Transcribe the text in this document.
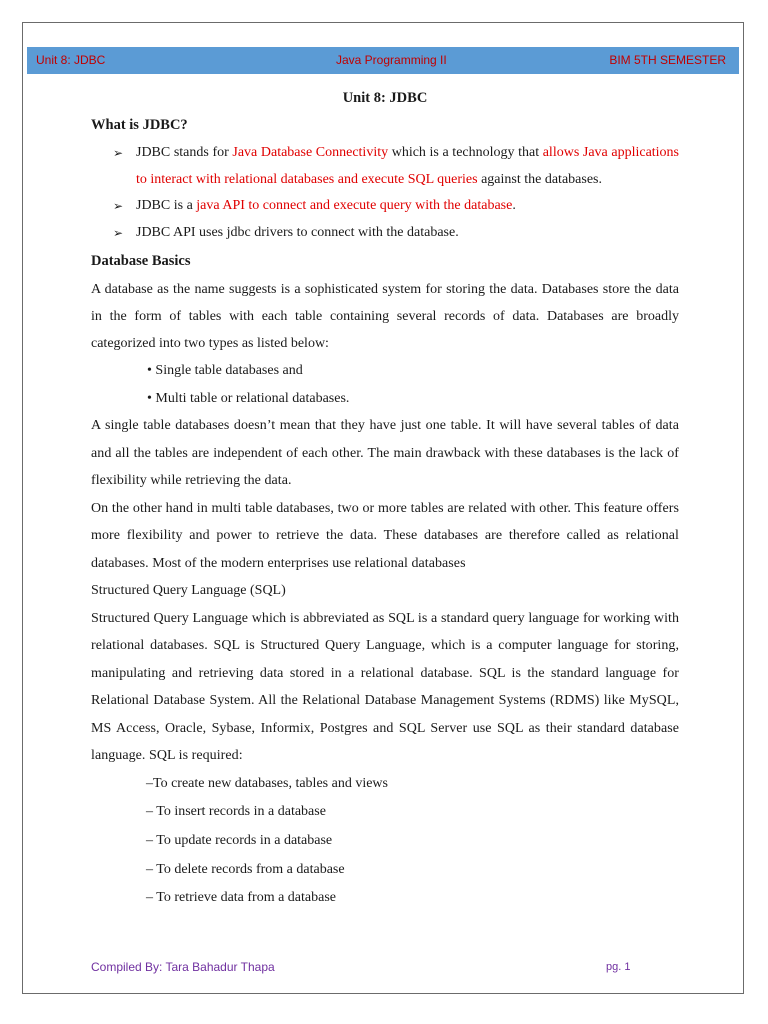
Unit 8: JDBC	Java Programming II	BIM 5TH SEMESTER
Unit 8: JDBC
What is JDBC?
➢ JDBC stands for Java Database Connectivity which is a technology that allows Java applications to interact with relational databases and execute SQL queries against the databases.
➢ JDBC is a java API to connect and execute query with the database.
➢ JDBC API uses jdbc drivers to connect with the database.
Database Basics

A database as the name suggests is a sophisticated system for storing the data. Databases store the data in the form of tables with each table containing several records of data. Databases are broadly categorized into two types as listed below:

• Single table databases and
• Multi table or relational databases.

A single table databases doesn’t mean that they have just one table. It will have several tables of data and all the tables are independent of each other. The main drawback with these databases is the lack of flexibility while retrieving the data.

On the other hand in multi table databases, two or more tables are related with other. This feature offers more flexibility and power to retrieve the data. These databases are therefore called as relational databases. Most of the modern enterprises use relational databases

Structured Query Language (SQL)

Structured Query Language which is abbreviated as SQL is a standard query language for working with relational databases. SQL is Structured Query Language, which is a computer language for storing, manipulating and retrieving data stored in a relational database. SQL is the standard language for Relational Database System. All the Relational Database Management Systems (RDMS) like MySQL, MS Access, Oracle, Sybase, Informix, Postgres and SQL Server use SQL as their standard database language. SQL is required:

–To create new databases, tables and views
– To insert records in a database
– To update records in a database
– To delete records from a database
– To retrieve data from a database
Compiled By: Tara Bahadur Thapa	pg. 1
